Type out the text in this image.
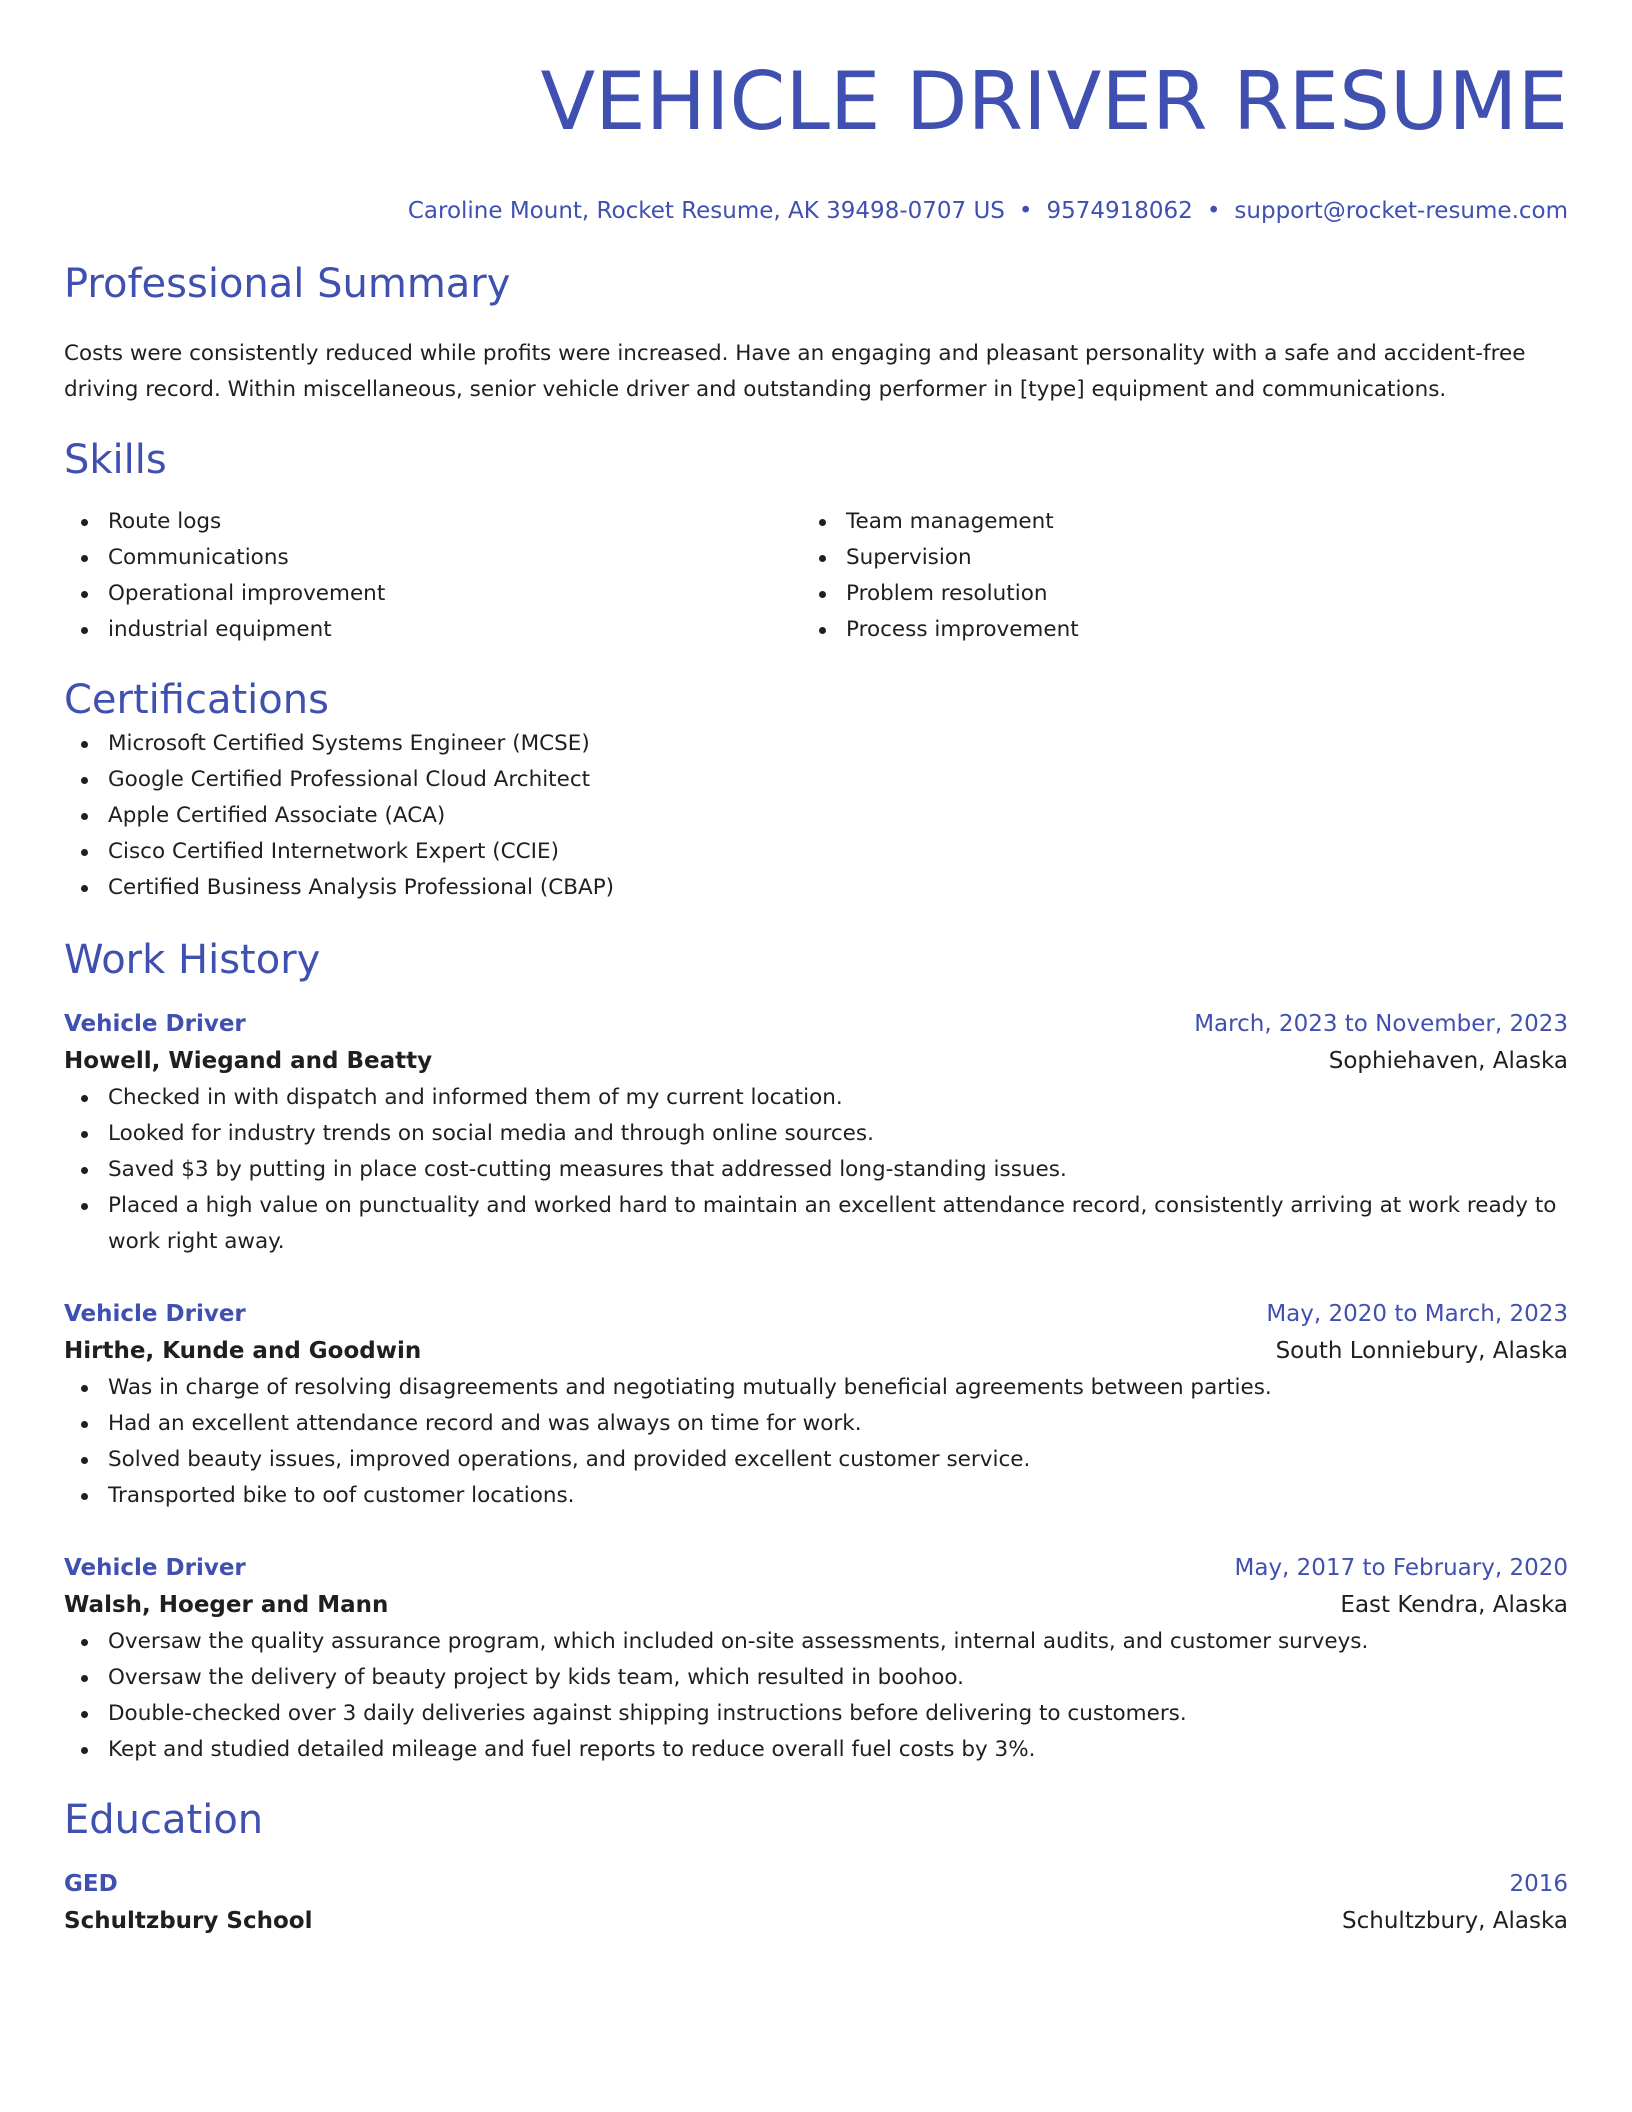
VEHICLE DRIVER RESUME
Caroline Mount, Rocket Resume, AK 39498-0707 US • 9574918062 • support@rocket-resume.com
Professional Summary
Costs were consistently reduced while profits were increased. Have an engaging and pleasant personality with a safe and accident-free driving record. Within miscellaneous, senior vehicle driver and outstanding performer in [type] equipment and communications.
Skills
Route logs
Communications
Operational improvement
industrial equipment
Team management
Supervision
Problem resolution
Process improvement
Certifications
Microsoft Certified Systems Engineer (MCSE)
Google Certified Professional Cloud Architect
Apple Certified Associate (ACA)
Cisco Certified Internetwork Expert (CCIE)
Certified Business Analysis Professional (CBAP)
Work History
Vehicle Driver	March, 2023 to November, 2023
Howell, Wiegand and Beatty	Sophiehaven, Alaska
Checked in with dispatch and informed them of my current location.
Looked for industry trends on social media and through online sources.
Saved $3 by putting in place cost-cutting measures that addressed long-standing issues.
Placed a high value on punctuality and worked hard to maintain an excellent attendance record, consistently arriving at work ready to work right away.
Vehicle Driver	May, 2020 to March, 2023
Hirthe, Kunde and Goodwin	South Lonniebury, Alaska
Was in charge of resolving disagreements and negotiating mutually beneficial agreements between parties.
Had an excellent attendance record and was always on time for work.
Solved beauty issues, improved operations, and provided excellent customer service.
Transported bike to oof customer locations.
Vehicle Driver	May, 2017 to February, 2020
Walsh, Hoeger and Mann	East Kendra, Alaska
Oversaw the quality assurance program, which included on-site assessments, internal audits, and customer surveys.
Oversaw the delivery of beauty project by kids team, which resulted in boohoo.
Double-checked over 3 daily deliveries against shipping instructions before delivering to customers.
Kept and studied detailed mileage and fuel reports to reduce overall fuel costs by 3%.
Education
GED	2016
Schultzbury School	Schultzbury, Alaska
